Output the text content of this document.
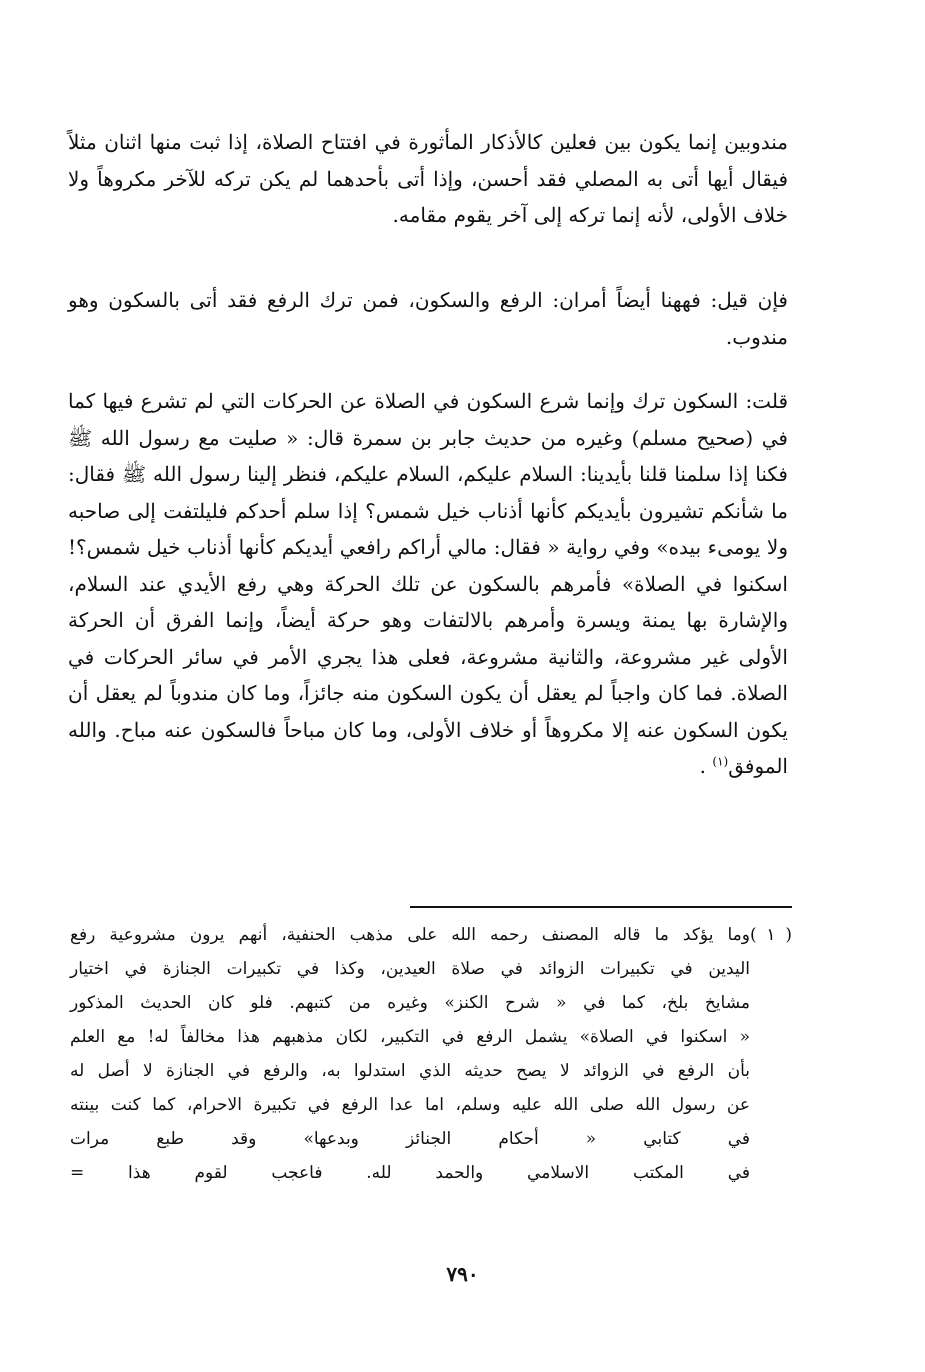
مندوبين إنما يكون بين فعلين كالأذكار المأثورة في افتتاح الصلاة، إذا ثبت منها اثنان مثلاً فيقال أيها أتى به المصلي فقد أحسن، وإذا أتى بأحدهما لم يكن تركه للآخر مكروهاً ولا خلاف الأولى، لأنه إنما تركه إلى آخر يقوم مقامه.

فإن قيل: فههنا أيضاً أمران: الرفع والسكون، فمن ترك الرفع فقد أتى بالسكون وهو مندوب.

قلت: السكون ترك وإنما شرع السكون في الصلاة عن الحركات التي لم تشرع فيها كما في (صحيح مسلم) وغيره من حديث جابر بن سمرة قال: « صليت مع رسول الله ﷺ فكنا إذا سلمنا قلنا بأيدينا: السلام عليكم، السلام عليكم، فنظر إلينا رسول الله ﷺ فقال: ما شأنكم تشيرون بأيديكم كأنها أذناب خيل شمس؟ إذا سلم أحدكم فليلتفت إلى صاحبه ولا يومىء بيده» وفي رواية « فقال: مالي أراكم رافعي أيديكم كأنها أذناب خيل شمس؟! اسكنوا في الصلاة» فأمرهم بالسكون عن تلك الحركة وهي رفع الأيدي عند السلام، والإشارة بها يمنة ويسرة وأمرهم بالالتفات وهو حركة أيضاً، وإنما الفرق أن الحركة الأولى غير مشروعة، والثانية مشروعة، فعلى هذا يجري الأمر في سائر الحركات في الصلاة. فما كان واجباً لم يعقل أن يكون السكون منه جائزاً، وما كان مندوباً لم يعقل أن يكون السكون عنه إلا مكروهاً أو خلاف الأولى، وما كان مباحاً فالسكون عنه مباح. والله الموفق$^{(١)}$ .

( ١ )وما يؤكد ما قاله المصنف رحمه الله على مذهب الحنفية، أنهم يرون مشروعية رفع
اليدين في تكبيرات الزوائد في صلاة العيدين، وكذا في تكبيرات الجنازة في اختيار
مشايخ بلخ، كما في « شرح الكنز» وغيره من كتبهم. فلو كان الحديث المذكور
« اسكنوا في الصلاة» يشمل الرفع في التكبير، لكان مذهبهم هذا مخالفاً له! مع العلم
بأن الرفع في الزوائد لا يصح حديثه الذي استدلوا به، والرفع في الجنازة لا أصل له
عن رسول الله صلى الله عليه وسلم، اما عدا الرفع في تكبيرة الاحرام، كما كنت بينته
في كتابي « أحكام الجنائز وبدعها» وقد طبع مرات
في المكتب الاسلامي والحمد لله. فاعجب لقوم هذا =
٧٩٠
